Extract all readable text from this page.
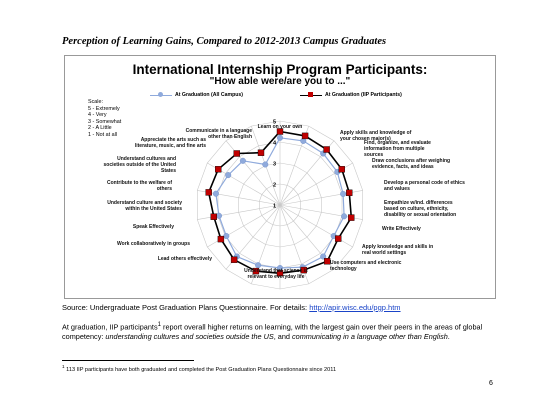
Perception of Learning Gains, Compared to 2012-2013 Campus Graduates
International Internship Program Participants:
"How able were/are you to ..."
Scale:
5 - Extremely
4 - Very
3 - Somewhat
2 - A Little
1 - Not at all
At Graduation (All Campus)	At Graduation (IIP Participants)
1
2
3
4
5
Learn on your own
Apply skills and knowledge of your chosen major(s)
Find, organize, and evaluate information from multiple sources
Draw conclusions after weighing evidence, facts, and ideas
Develop a personal code of ethics and values
Empathize w/ind. differences based on culture, ethnicity, disability or sexual orientation
Write Effectively
Apply knowledge and skills in real world settings
Use computers and electronic technology
Understand that science is relevant to everyday life
Lead others effectively
Work collaboratively in groups
Speak Effectively
Understand culture and society within the United States
Contribute to the welfare of others
Understand cultures and societies outside of the United States
Appreciate the arts such as literature, music, and fine arts
Communicate in a language other than English
Source: Undergraduate Post Graduation Plans Questionnaire. For details: http://apir.wisc.edu/pgp.htm

At graduation, IIP participants$^1$ report overall higher returns on learning, with the largest gain over their peers in the areas of global competency: understanding cultures and societies outside the US, and communicating in a language other than English.

$^1$ 113 IIP participants have both graduated and completed the Post Graduation Plans Questionnaire since 2011
6
